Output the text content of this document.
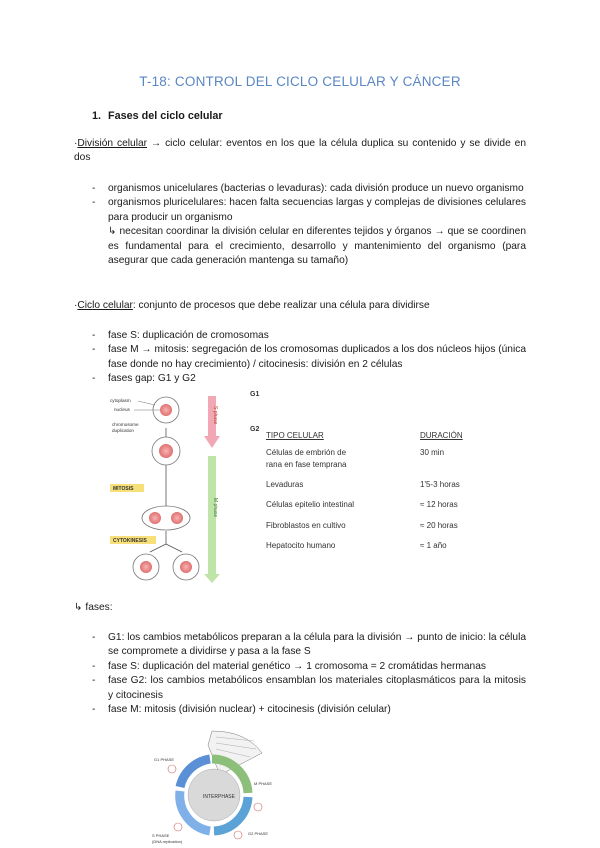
T-18: CONTROL DEL CICLO CELULAR Y CÁNCER
1. Fases del ciclo celular
·División celular → ciclo celular: eventos en los que la célula duplica su contenido y se divide en dos
- organismos unicelulares (bacterias o levaduras): cada división produce un nuevo organismo
- organismos pluricelulares: hacen falta secuencias largas y complejas de divisiones celulares para producir un organismo
↳ necesitan coordinar la división celular en diferentes tejidos y órganos → que se coordinen es fundamental para el crecimiento, desarrollo y mantenimiento del organismo (para asegurar que cada generación mantenga su tamaño)
·Ciclo celular: conjunto de procesos que debe realizar una célula para dividirse
- fase S: duplicación de cromosomas
- fase M → mitosis: segregación de los cromosomas duplicados a los dos núcleos hijos (única fase donde no hay crecimiento) / citocinesis: división en 2 células
- fases gap: G1 y G2
S phase
M phase
G1
G2
cytoplasm
nucleus
chromosome
duplication
MITOSIS
CYTOKINESIS
TIPO CELULAR	DURACIÓN
Células de embrión de
rana en fase temprana	30 min
Levaduras	1'5-3 horas
Células epitelio intestinal	≈ 12 horas
Fibroblastos en cultivo	≈ 20 horas
Hepatocito humano	≈ 1 año
↳ fases:
- G1: los cambios metabólicos preparan a la célula para la división → punto de inicio: la célula se compromete a dividirse y pasa a la fase S
- fase S: duplicación del material genético → 1 cromosoma = 2 cromátidas hermanas
- fase G2: los cambios metabólicos ensamblan los materiales citoplasmáticos para la mitosis y citocinesis
- fase M: mitosis (división nuclear) + citocinesis (división celular)
INTERPHASE
G1 PHASE
M PHASE
G2 PHASE
S PHASE
(DNA replication)
